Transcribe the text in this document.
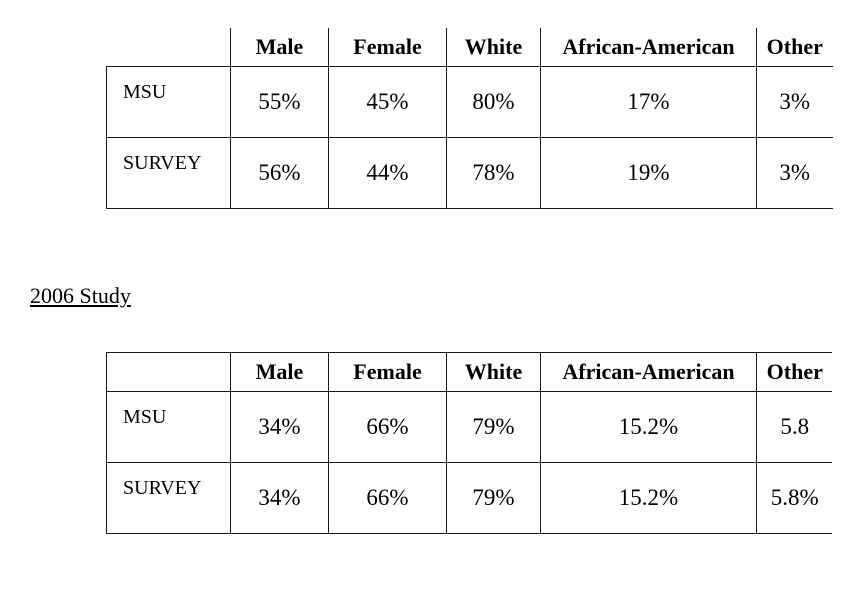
	Male	Female	White	African-American	Other

MSU	55%	45%	80%	17%	3%

SURVEY	56%	44%	78%	19%	3%
2006 Study
	Male	Female	White	African-American	Other

MSU	34%	66%	79%	15.2%	5.8

SURVEY	34%	66%	79%	15.2%	5.8%
